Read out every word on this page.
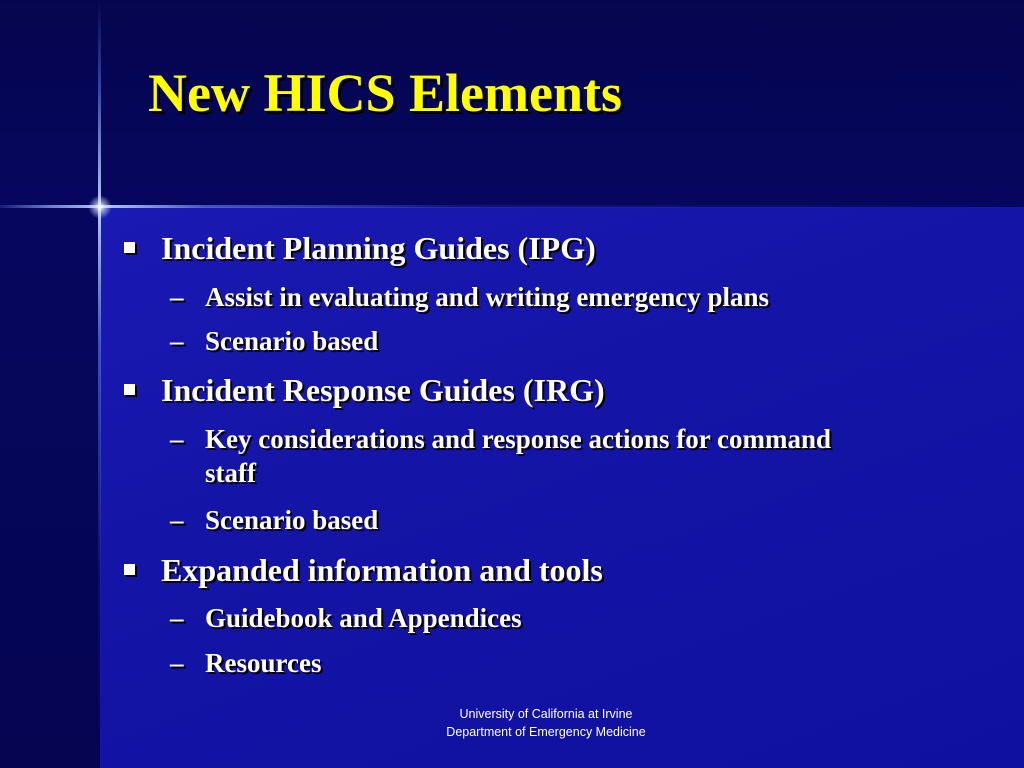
New HICS Elements
Incident Planning Guides (IPG)
– Assist in evaluating and writing emergency plans
– Scenario based
Incident Response Guides (IRG)
– Key considerations and response actions for command staff
– Scenario based
Expanded information and tools
– Guidebook and Appendices
– Resources
University of California at Irvine
Department of Emergency Medicine
